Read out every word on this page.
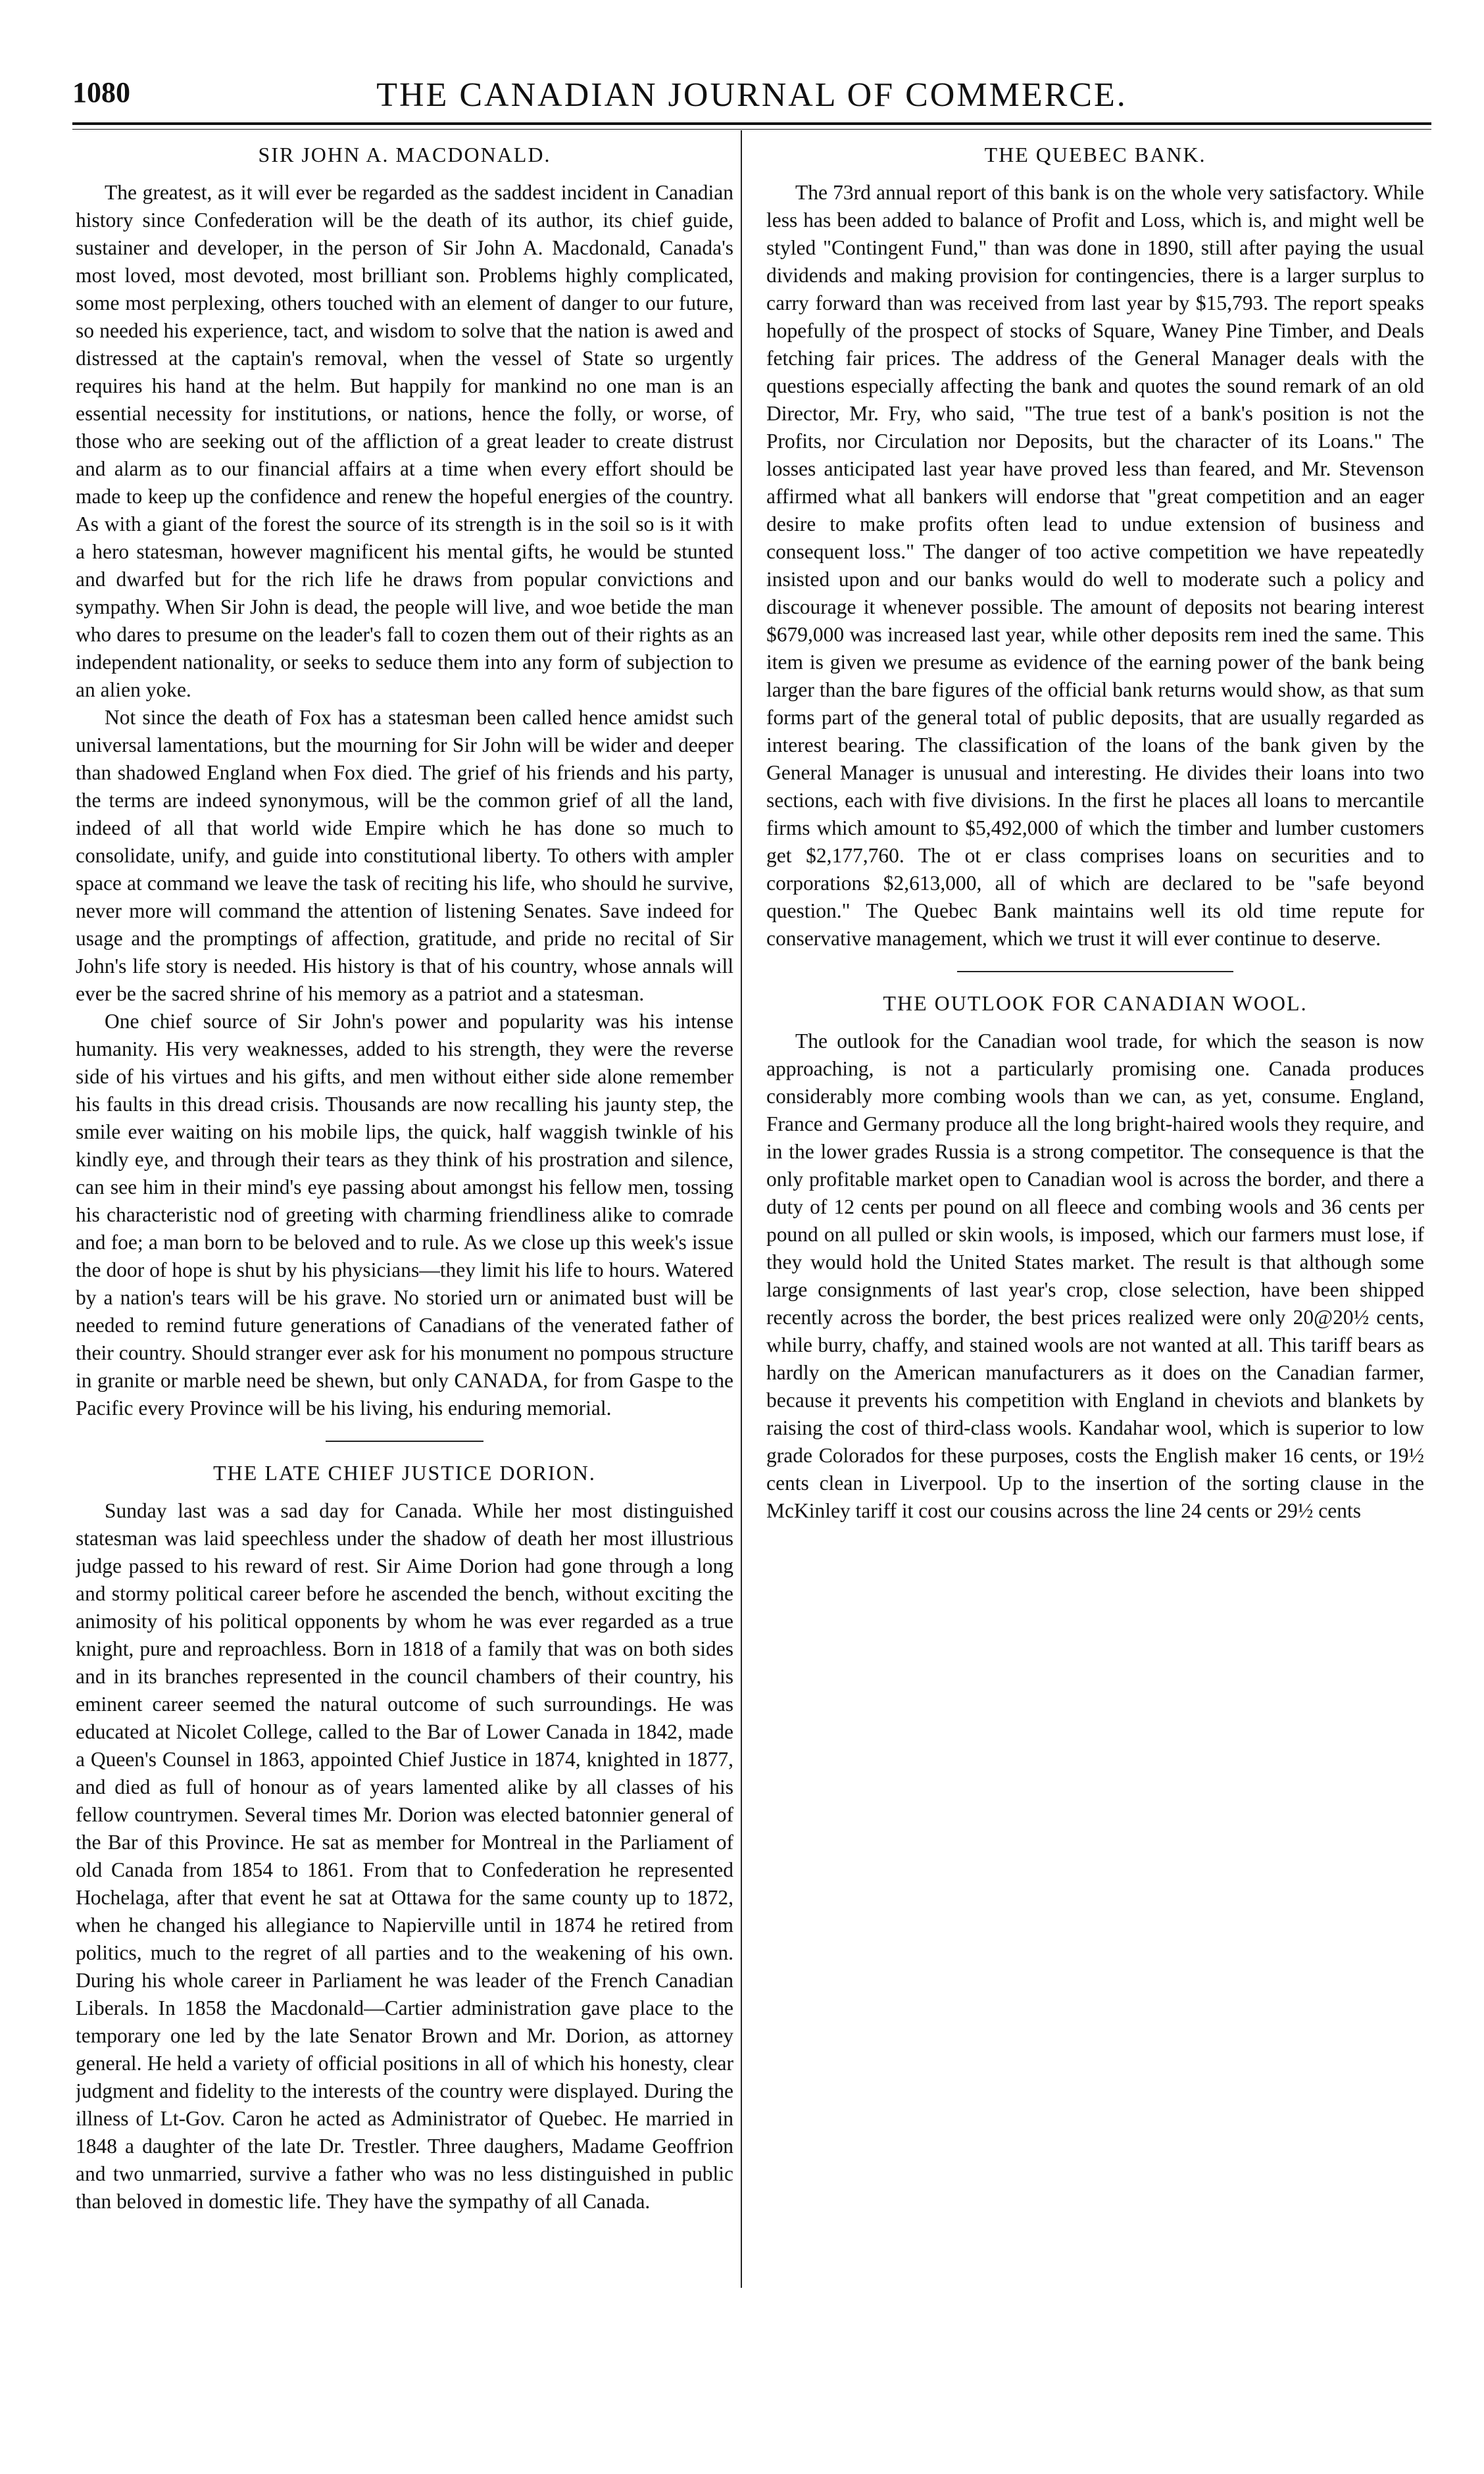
1080	THE CANADIAN JOURNAL OF COMMERCE.
SIR JOHN A. MACDONALD.

The greatest, as it will ever be regarded as the saddest incident in Canadian history since Confederation will be the death of its author, its chief guide, sustainer and developer, in the person of Sir John A. Macdonald, Canada's most loved, most devoted, most brilliant son. Problems highly complicated, some most perplexing, others touched with an element of danger to our future, so needed his experience, tact, and wisdom to solve that the nation is awed and distressed at the captain's removal, when the vessel of State so urgently requires his hand at the helm. But happily for mankind no one man is an essential necessity for institutions, or nations, hence the folly, or worse, of those who are seeking out of the affliction of a great leader to create distrust and alarm as to our financial affairs at a time when every effort should be made to keep up the confidence and renew the hopeful energies of the country. As with a giant of the forest the source of its strength is in the soil so is it with a hero statesman, however magnificent his mental gifts, he would be stunted and dwarfed but for the rich life he draws from popular convictions and sympathy. When Sir John is dead, the people will live, and woe betide the man who dares to presume on the leader's fall to cozen them out of their rights as an independent nationality, or seeks to seduce them into any form of subjection to an alien yoke.

Not since the death of Fox has a statesman been called hence amidst such universal lamentations, but the mourning for Sir John will be wider and deeper than shadowed England when Fox died. The grief of his friends and his party, the terms are indeed synonymous, will be the common grief of all the land, indeed of all that world wide Empire which he has done so much to consolidate, unify, and guide into constitutional liberty. To others with ampler space at command we leave the task of reciting his life, who should he survive, never more will command the attention of listening Senates. Save indeed for usage and the promptings of affection, gratitude, and pride no recital of Sir John's life story is needed. His history is that of his country, whose annals will ever be the sacred shrine of his memory as a patriot and a statesman.

One chief source of Sir John's power and popularity was his intense humanity. His very weaknesses, added to his strength, they were the reverse side of his virtues and his gifts, and men without either side alone remember his faults in this dread crisis. Thousands are now recalling his jaunty step, the smile ever waiting on his mobile lips, the quick, half waggish twinkle of his kindly eye, and through their tears as they think of his prostration and silence, can see him in their mind's eye passing about amongst his fellow men, tossing his characteristic nod of greeting with charming friendliness alike to comrade and foe; a man born to be beloved and to rule. As we close up this week's issue the door of hope is shut by his physicians—they limit his life to hours. Watered by a nation's tears will be his grave. No storied urn or animated bust will be needed to remind future generations of Canadians of the venerated father of their country. Should stranger ever ask for his monument no pompous structure in granite or marble need be shewn, but only CANADA, for from Gaspe to the Pacific every Province will be his living, his enduring memorial.

THE LATE CHIEF JUSTICE DORION.

Sunday last was a sad day for Canada. While her most distinguished statesman was laid speechless under the shadow of death her most illustrious judge passed to his reward of rest. Sir Aime Dorion had gone through a long and stormy political career before he ascended the bench, without exciting the animosity of his political opponents by whom he was ever regarded as a true knight, pure and reproachless. Born in 1818 of a family that was on both sides and in its branches represented in the council chambers of their country, his eminent career seemed the natural outcome of such surroundings. He was educated at Nicolet College, called to the Bar of Lower Canada in 1842, made a Queen's Counsel in 1863, appointed Chief Justice in 1874, knighted in 1877, and died as full of honour as of years lamented alike by all classes of his fellow countrymen. Several times Mr. Dorion was elected batonnier general of the Bar of this Province. He sat as member for Montreal in the Parliament of old Canada from 1854 to 1861. From that to Confederation he represented Hochelaga, after that event he sat at Ottawa for the same county up to 1872, when he changed his allegiance to Napierville until in 1874 he retired from politics, much to the regret of all parties and to the weakening of his own. During his whole career in Parliament he was leader of the French Canadian Liberals. In 1858 the Macdonald—Cartier administration gave place to the temporary one led by the late Senator Brown and Mr. Dorion, as attorney general. He held a variety of official positions in all of which his honesty, clear judgment and fidelity to the interests of the country were displayed. During the illness of Lt-Gov. Caron he acted as Administrator of Quebec. He married in 1848 a daughter of the late Dr. Trestler. Three daughers, Madame Geoffrion and two unmarried, survive a father who was no less distinguished in public than beloved in domestic life. They have the sympathy of all Canada.

THE QUEBEC BANK.

The 73rd annual report of this bank is on the whole very satisfactory. While less has been added to balance of Profit and Loss, which is, and might well be styled "Contingent Fund," than was done in 1890, still after paying the usual dividends and making provision for contingencies, there is a larger surplus to carry forward than was received from last year by $15,793. The report speaks hopefully of the prospect of stocks of Square, Waney Pine Timber, and Deals fetching fair prices. The address of the General Manager deals with the questions especially affecting the bank and quotes the sound remark of an old Director, Mr. Fry, who said, "The true test of a bank's position is not the Profits, nor Circulation nor Deposits, but the character of its Loans." The losses anticipated last year have proved less than feared, and Mr. Stevenson affirmed what all bankers will endorse that "great competition and an eager desire to make profits often lead to undue extension of business and consequent loss." The danger of too active competition we have repeatedly insisted upon and our banks would do well to moderate such a policy and discourage it whenever possible. The amount of deposits not bearing interest $679,000 was increased last year, while other deposits rem ined the same. This item is given we presume as evidence of the earning power of the bank being larger than the bare figures of the official bank returns would show, as that sum forms part of the general total of public deposits, that are usually regarded as interest bearing. The classification of the loans of the bank given by the General Manager is unusual and interesting. He divides their loans into two sections, each with five divisions. In the first he places all loans to mercantile firms which amount to $5,492,000 of which the timber and lumber customers get $2,177,760. The ot er class comprises loans on securities and to corporations $2,613,000, all of which are declared to be "safe beyond question." The Quebec Bank maintains well its old time repute for conservative management, which we trust it will ever continue to deserve.

THE OUTLOOK FOR CANADIAN WOOL.

The outlook for the Canadian wool trade, for which the season is now approaching, is not a particularly promising one. Canada produces considerably more combing wools than we can, as yet, consume. England, France and Germany produce all the long bright-haired wools they require, and in the lower grades Russia is a strong competitor. The consequence is that the only profitable market open to Canadian wool is across the border, and there a duty of 12 cents per pound on all fleece and combing wools and 36 cents per pound on all pulled or skin wools, is imposed, which our farmers must lose, if they would hold the United States market. The result is that although some large consignments of last year's crop, close selection, have been shipped recently across the border, the best prices realized were only 20@20½ cents, while burry, chaffy, and stained wools are not wanted at all. This tariff bears as hardly on the American manufacturers as it does on the Canadian farmer, because it prevents his competition with England in cheviots and blankets by raising the cost of third-class wools. Kandahar wool, which is superior to low grade Colorados for these purposes, costs the English maker 16 cents, or 19½ cents clean in Liverpool. Up to the insertion of the sorting clause in the McKinley tariff it cost our cousins across the line 24 cents or 29½ cents
